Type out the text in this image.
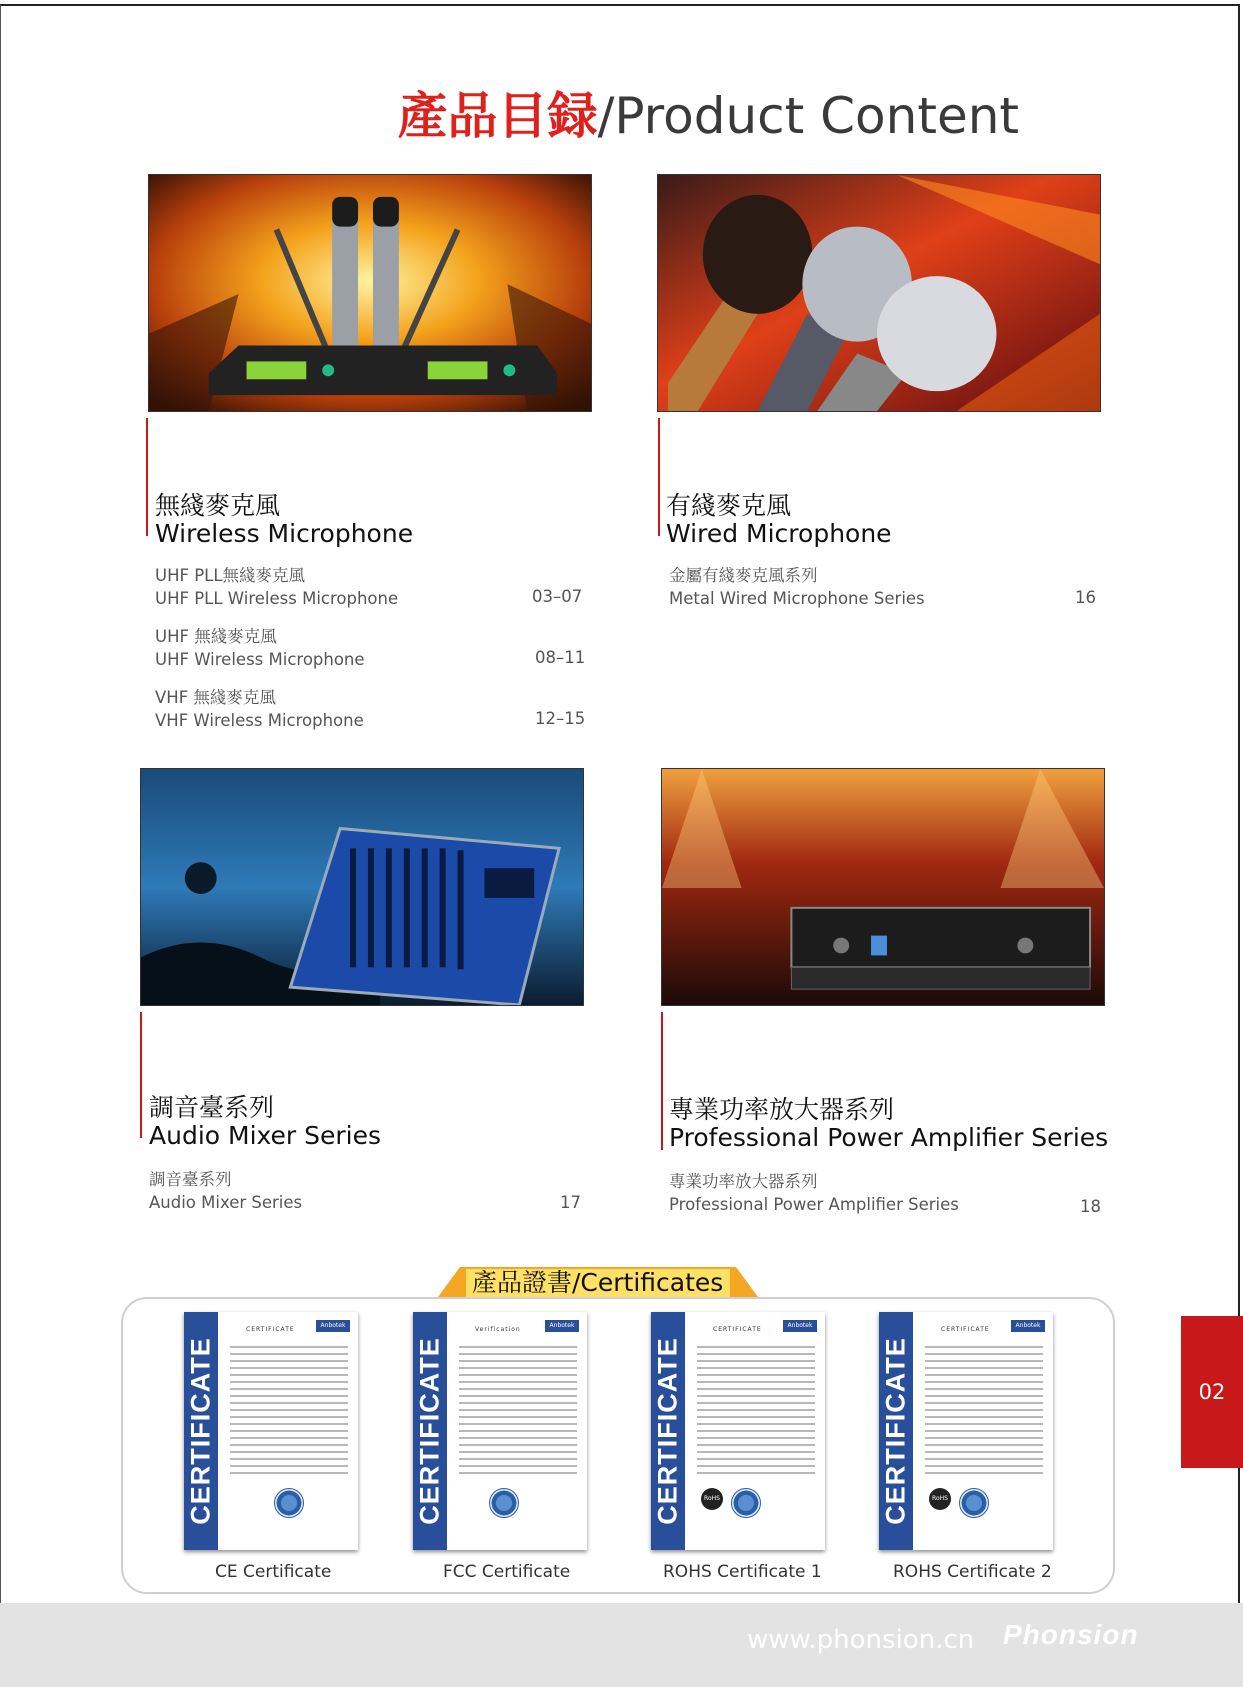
產品目録/Product Content
無綫麥克風
Wireless Microphone
UHF PLL無綫麥克風
UHF PLL Wireless Microphone	03–07
UHF 無綫麥克風
UHF Wireless Microphone	08–11
VHF 無綫麥克風
VHF Wireless Microphone	12–15
有綫麥克風
Wired Microphone
金屬有綫麥克風系列
Metal Wired Microphone Series	16
調音臺系列
Audio Mixer Series
調音臺系列
Audio Mixer Series	17
專業功率放大器系列
Professional Power Amplifier Series
專業功率放大器系列
Professional Power Amplifier Series	18
產品證書/Certificates
CERTIFICATE
Anbotek
CERTIFICATE
CERTIFICATE
Anbotek
Verification
CERTIFICATE
Anbotek
CERTIFICATE
RoHS	CERTIFICATE
Anbotek
CERTIFICATE
RoHS
CE Certificate	FCC Certificate	ROHS Certificate 1	ROHS Certificate 2
02
www.phonsion.cn Phonsion
